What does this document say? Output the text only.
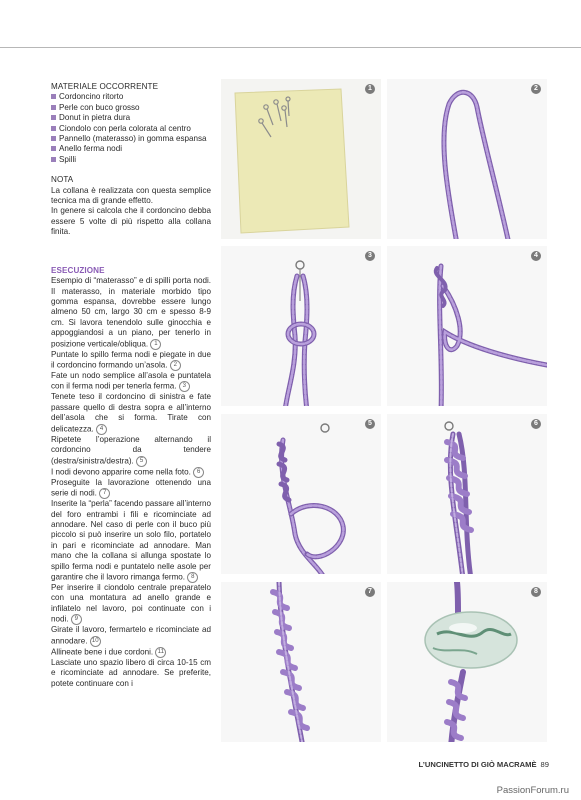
MATERIALE OCCORRENTE
Cordoncino ritorto
Perle con buco grosso
Donut in pietra dura
Ciondolo con perla colorata al centro
Pannello (materasso) in gomma espansa
Anello ferma nodi
Spilli
NOTA
La collana è realizzata con questa semplice tecnica ma di grande effetto.
In genere si calcola che il cordoncino debba essere 5 volte di più rispetto alla collana finita.
ESECUZIONE
Esempio di “materasso” e di spilli porta nodi. Il materasso, in materiale morbido tipo gomma espansa, dovrebbe essere lungo almeno 50 cm, largo 30 cm e spesso 8-9 cm. Si lavora tenendolo sulle ginocchia e appoggiandosi a un piano, per tenerlo in posizione verticale/obliqua. 1
Puntate lo spillo ferma nodi e piegate in due il cordoncino formando un’asola. 2
Fate un nodo semplice all’asola e puntatela con il ferma nodi per tenerla ferma. 3
Tenete teso il cordoncino di sinistra e fate passare quello di destra sopra e all’interno dell’asola che si forma. Tirate con delicatezza. 4
Ripetete l’operazione alternando il cordoncino da tendere (destra/sinistra/destra). 5
I nodi devono apparire come nella foto. 6
Proseguite la lavorazione ottenendo una serie di nodi. 7
Inserite la “perla” facendo passare all’interno del foro entrambi i fili e ricominciate ad annodare. Nel caso di perle con il buco più piccolo si può inserire un solo filo, portatelo in pari e ricominciate ad annodare. Man mano che la collana si allunga spostate lo spillo ferma nodi e puntatelo nelle asole per garantire che il lavoro rimanga fermo. 8
Per inserire il ciondolo centrale preparatelo con una montatura ad anello grande e infilatelo nel lavoro, poi continuate con i nodi. 9
Girate il lavoro, fermartelo e ricominciate ad annodare. 10
Allineate bene i due cordoni. 11
Lasciate uno spazio libero di circa 10-15 cm e ricominciate ad annodare. Se preferite, potete continuare con i
1	2
3	4
5	6
7	8
L’UNCINETTO DI GIÒ MACRAMÈ 89
PassionForum.ru
